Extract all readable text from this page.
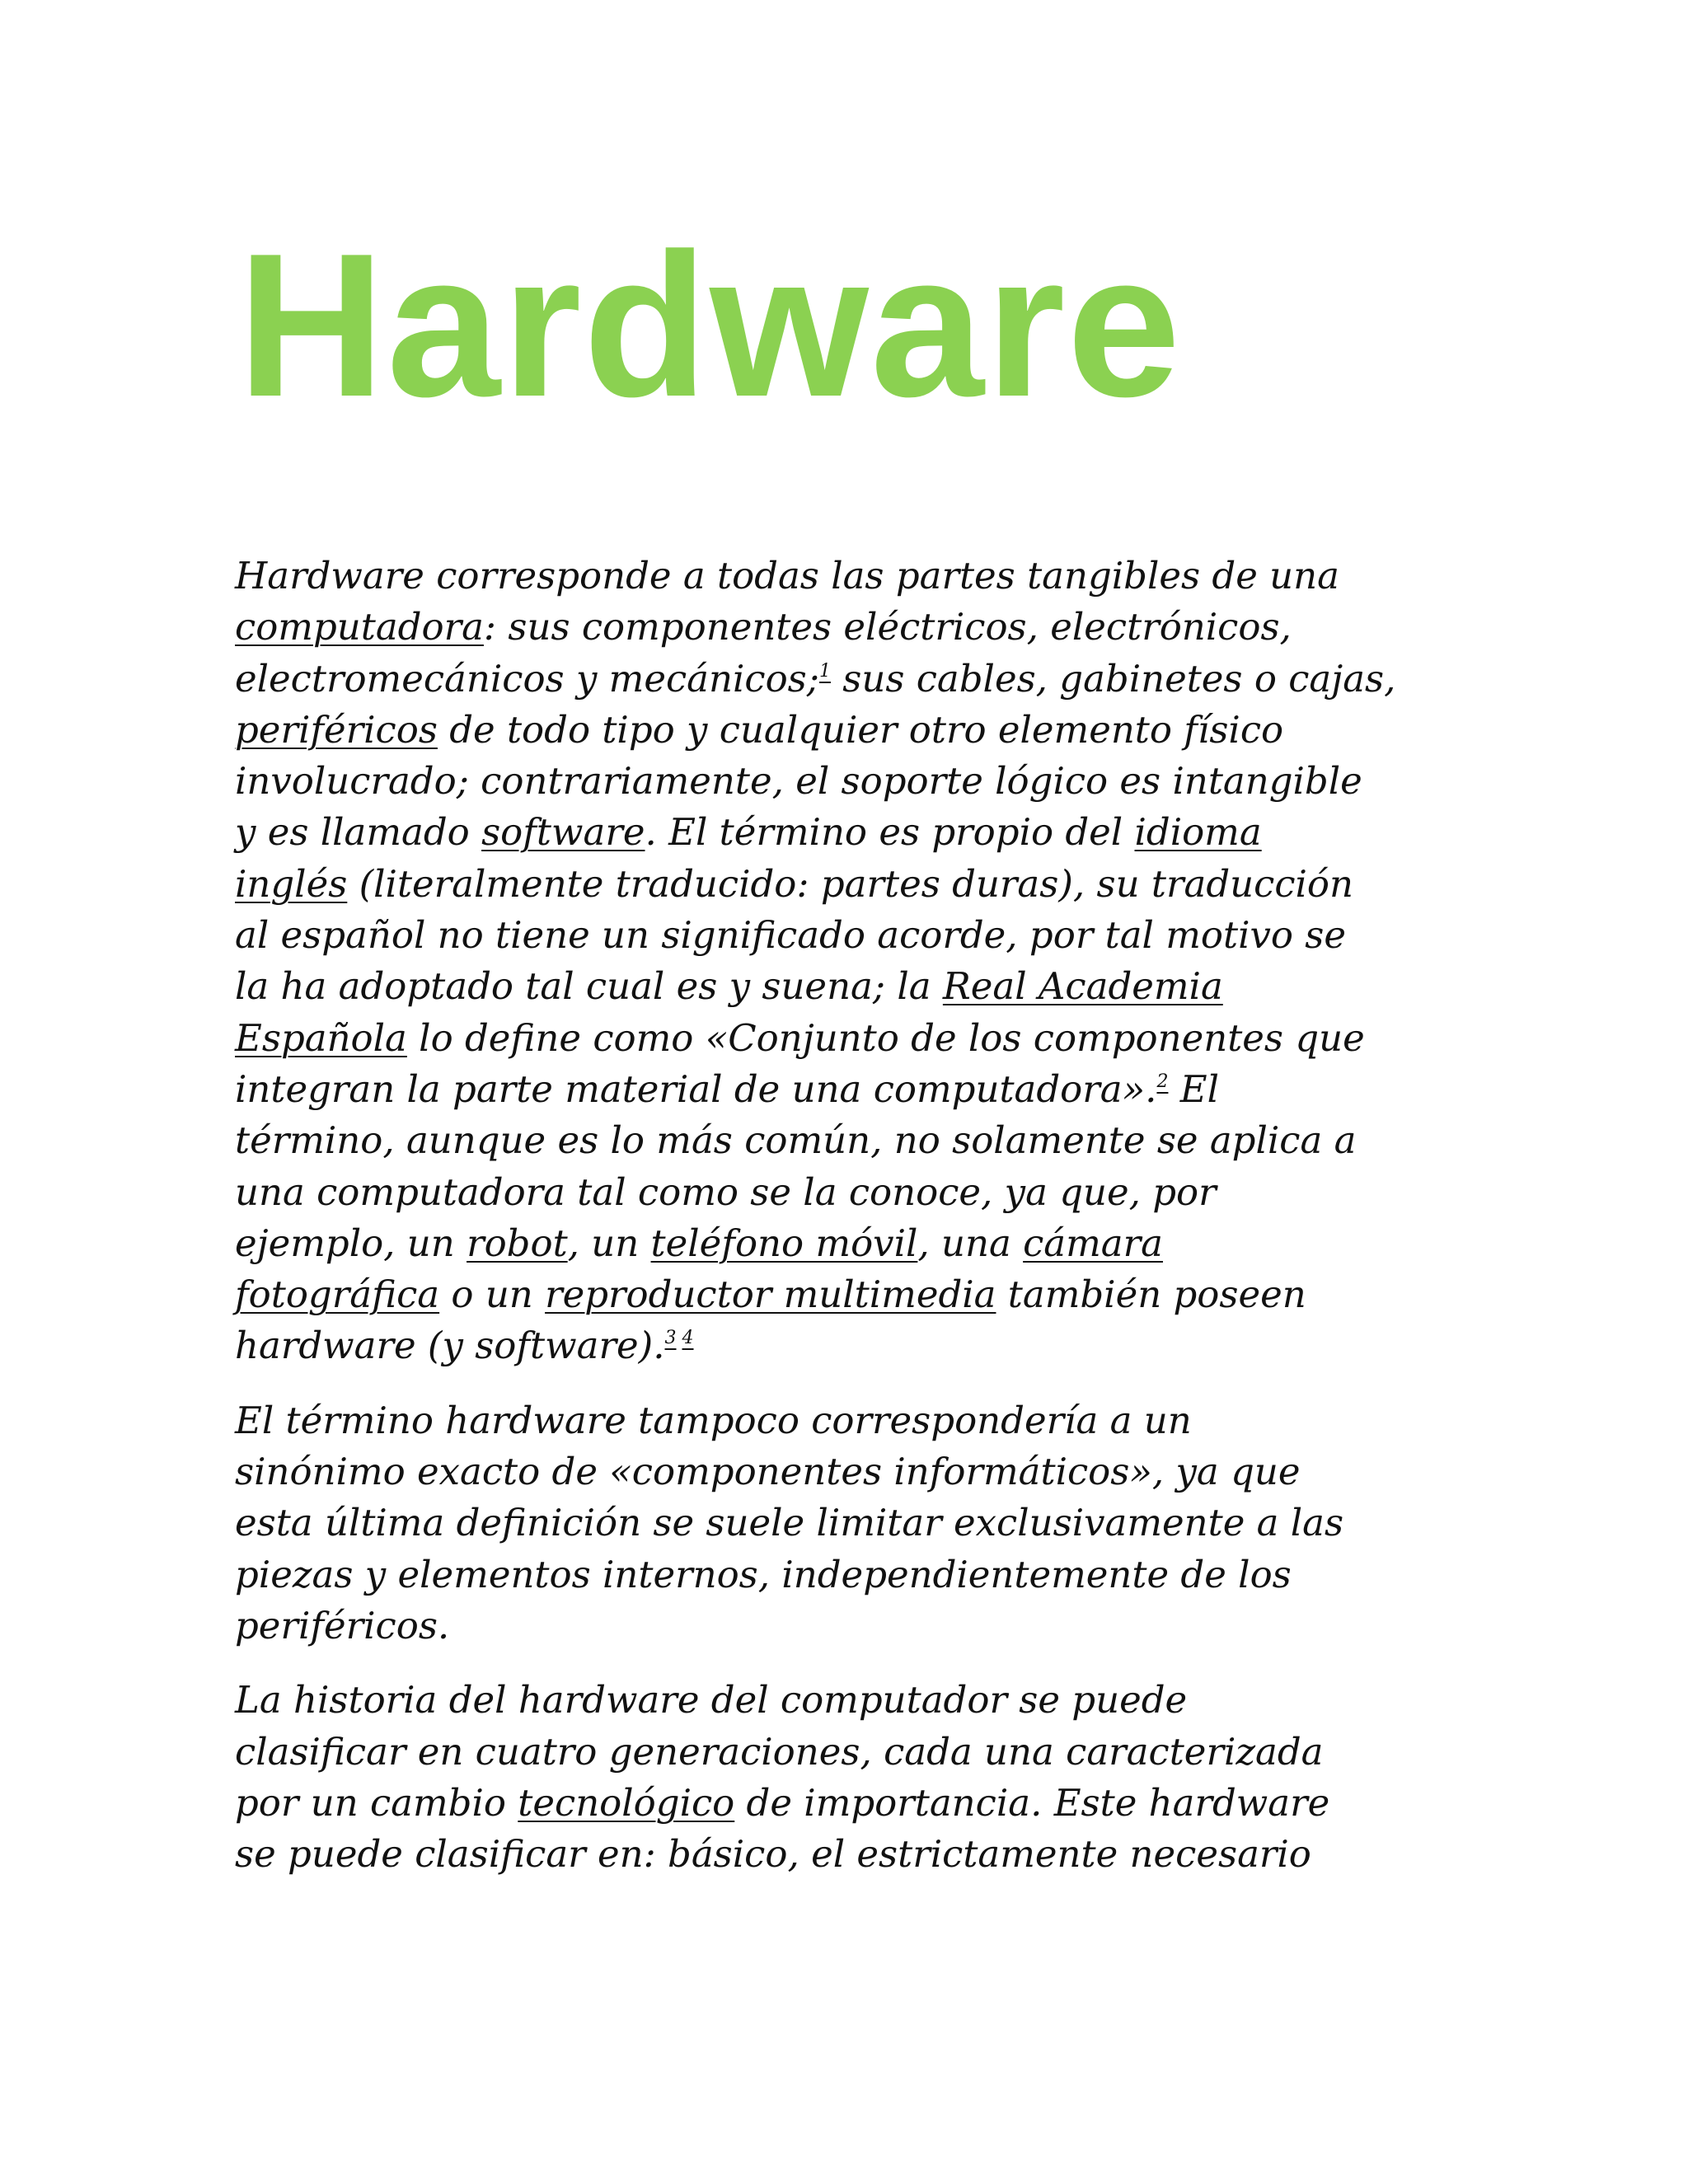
Hardware

Hardware corresponde a todas las partes tangibles de una
computadora: sus componentes eléctricos, electrónicos,
electromecánicos y mecánicos;$^1$ sus cables, gabinetes o cajas,
periféricos de todo tipo y cualquier otro elemento físico
involucrado; contrariamente, el soporte lógico es intangible
y es llamado software. El término es propio del idioma
inglés (literalmente traducido: partes duras), su traducción
al español no tiene un significado acorde, por tal motivo se
la ha adoptado tal cual es y suena; la Real Academia
Española lo define como «Conjunto de los componentes que
integran la parte material de una computadora».$^2$ El
término, aunque es lo más común, no solamente se aplica a
una computadora tal como se la conoce, ya que, por
ejemplo, un robot, un teléfono móvil, una cámara
fotográfica o un reproductor multimedia también poseen
hardware (y software).$^{3 4}$

El término hardware tampoco correspondería a un
sinónimo exacto de «componentes informáticos», ya que
esta última definición se suele limitar exclusivamente a las
piezas y elementos internos, independientemente de los
periféricos.

La historia del hardware del computador se puede
clasificar en cuatro generaciones, cada una caracterizada
por un cambio tecnológico de importancia. Este hardware
se puede clasificar en: básico, el estrictamente necesario
